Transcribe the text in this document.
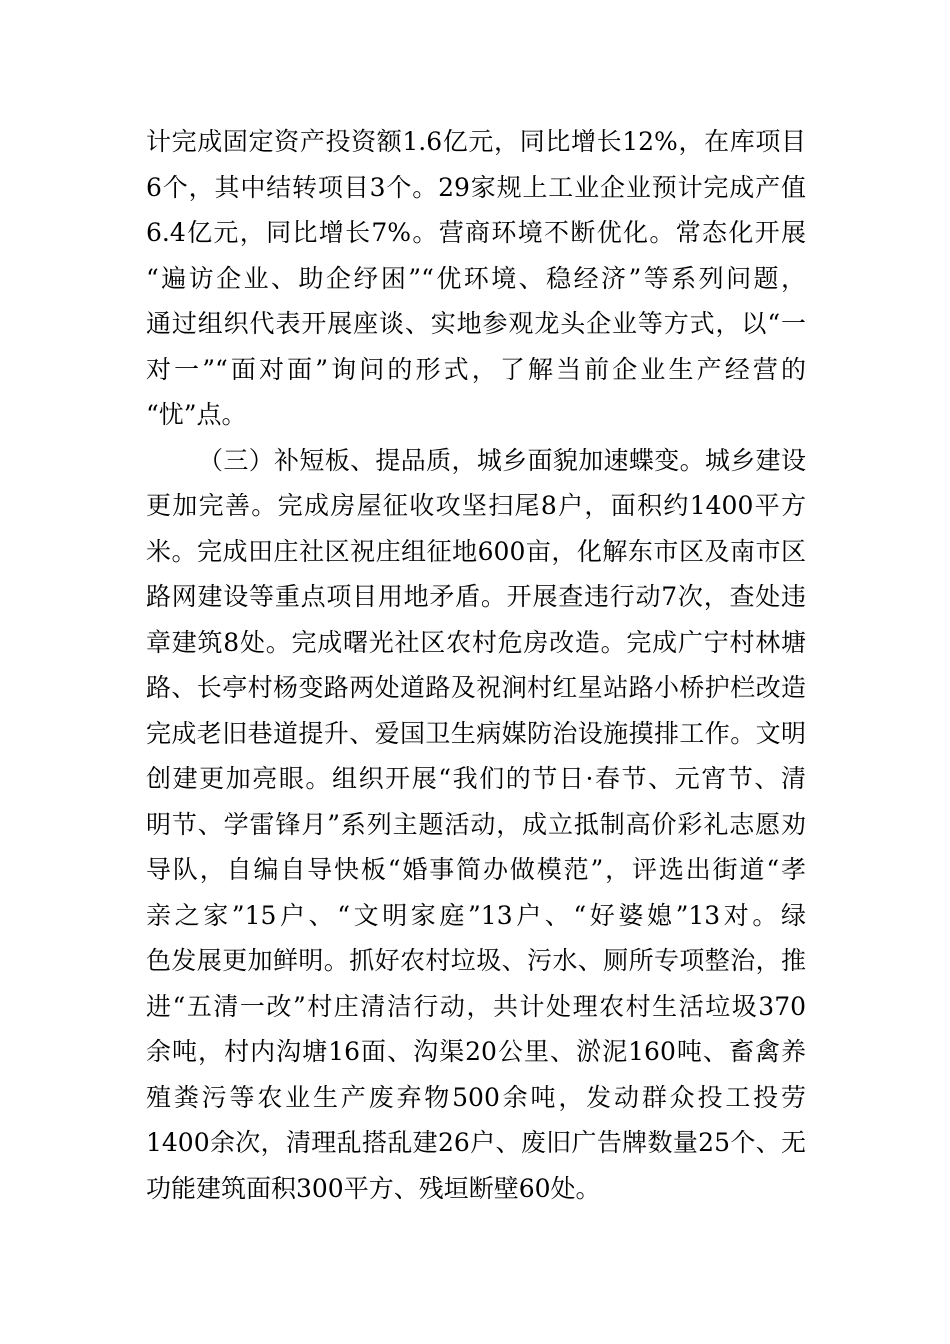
计完成固定资产投资额1.6亿元，同比增长12%，在库项目
6个，其中结转项目3个。29家规上工业企业预计完成产值
6.4亿元，同比增长7%。营商环境不断优化。常态化开展
“遍访企业、助企纾困”“优环境、稳经济”等系列问题，
通过组织代表开展座谈、实地参观龙头企业等方式，以“一
对一”“面对面”询问的形式，了解当前企业生产经营的
“忧”点。
（三）补短板、提品质，城乡面貌加速蝶变。城乡建设
更加完善。完成房屋征收攻坚扫尾8户，面积约1400平方
米。完成田庄社区祝庄组征地600亩，化解东市区及南市区
路网建设等重点项目用地矛盾。开展查违行动7次，查处违
章建筑8处。完成曙光社区农村危房改造。完成广宁村林塘
路、长亭村杨变路两处道路及祝涧村红星站路小桥护栏改造
完成老旧巷道提升、爱国卫生病媒防治设施摸排工作。文明
创建更加亮眼。组织开展“我们的节日·春节、元宵节、清
明节、学雷锋月”系列主题活动，成立抵制高价彩礼志愿劝
导队，自编自导快板“婚事简办做模范”，评选出街道“孝
亲之家”15户、“文明家庭”13户、“好婆媳”13对。绿
色发展更加鲜明。抓好农村垃圾、污水、厕所专项整治，推
进“五清一改”村庄清洁行动，共计处理农村生活垃圾370
余吨，村内沟塘16面、沟渠20公里、淤泥160吨、畜禽养
殖粪污等农业生产废弃物500余吨，发动群众投工投劳
1400余次，清理乱搭乱建26户、废旧广告牌数量25个、无
功能建筑面积300平方、残垣断壁60处。
